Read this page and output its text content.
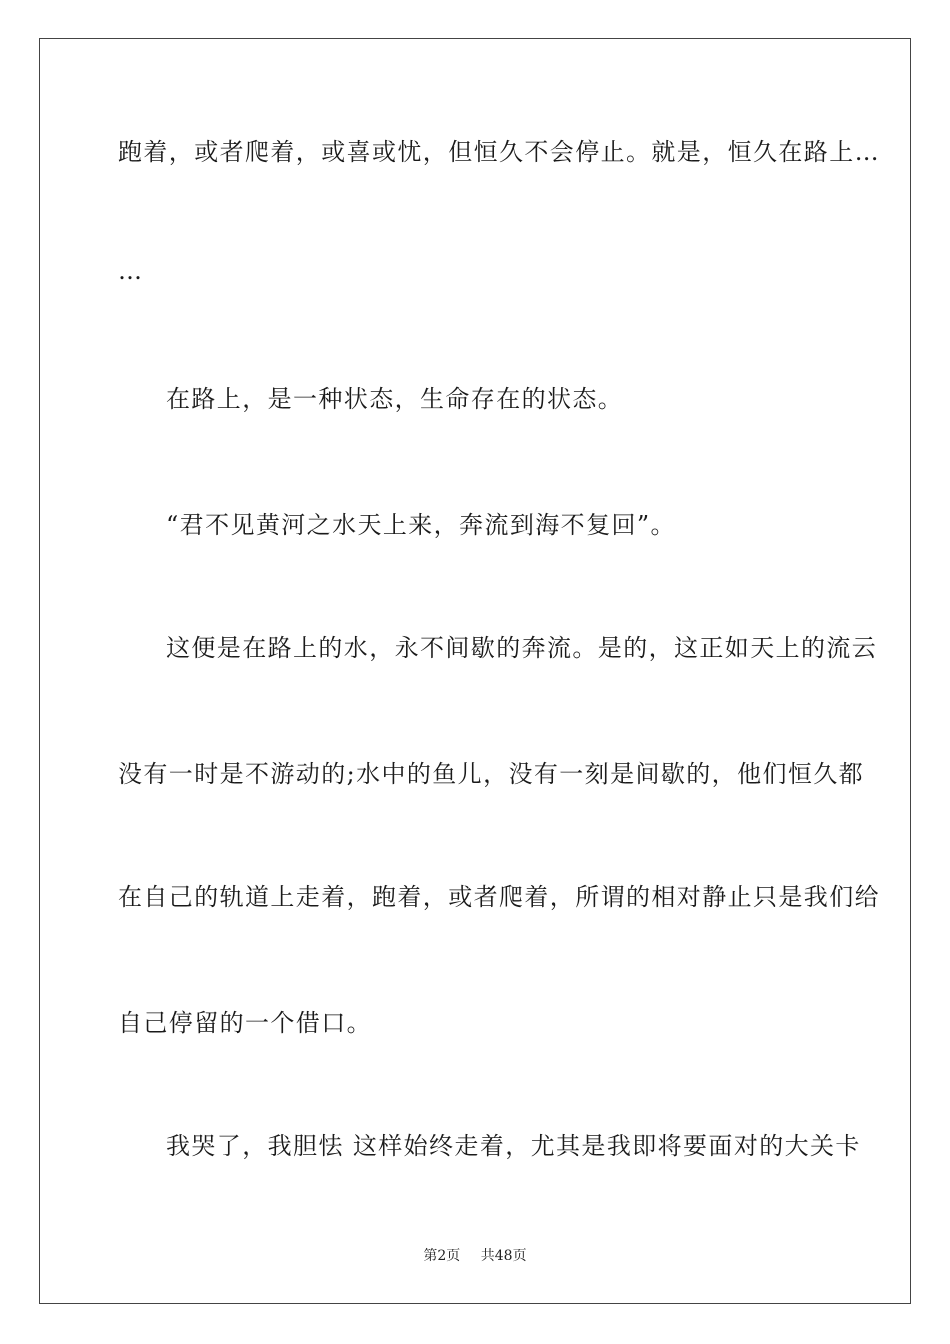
跑着，或者爬着，或喜或忧，但恒久不会停止。就是，恒久在路上…
…
在路上，是一种状态，生命存在的状态。
“君不见黄河之水天上来，奔流到海不复回”。
这便是在路上的水，永不间歇的奔流。是的，这正如天上的流云
没有一时是不游动的;水中的鱼儿，没有一刻是间歇的，他们恒久都
在自己的轨道上走着，跑着，或者爬着，所谓的相对静止只是我们给
自己停留的一个借口。
我哭了，我胆怯 这样始终走着，尤其是我即将要面对的大关卡
第2页 共48页
